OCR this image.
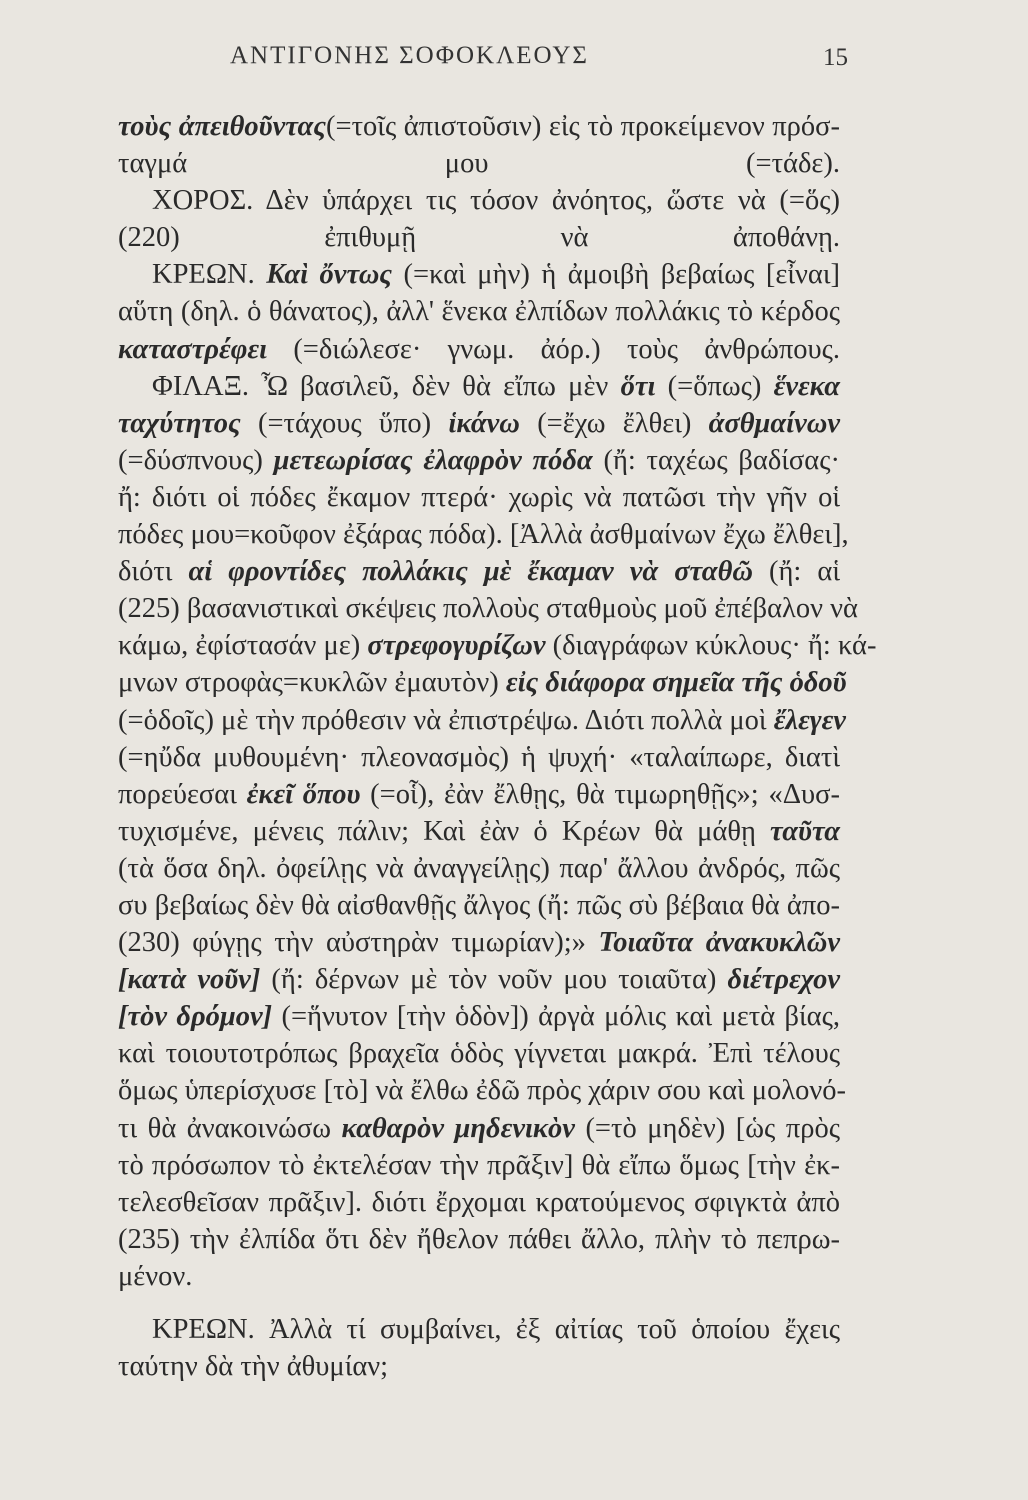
ΑΝΤΙΓΟΝΗΣ ΣΟΦΟΚΛΕΟΥΣ	15
τοὺς ἀπειθοῦντας(=τοῖς ἀπιστοῦσιν) εἰς τὸ προκείμενον πρόσ-
ταγμά μου (=τάδε).
ΧΟΡΟΣ. Δὲν ὑπάρχει τις τόσον ἀνόητος, ὥστε νὰ (=ὅς)
(220) ἐπιθυμῇ νὰ ἀποθάνῃ.
ΚΡΕΩΝ. Καὶ ὄντως (=καὶ μὴν) ἡ ἀμοιβὴ βεβαίως [εἶναι]
αὕτη (δηλ. ὁ θάνατος), ἀλλ' ἕνεκα ἐλπίδων πολλάκις τὸ κέρδος
καταστρέφει (=διώλεσε· γνωμ. ἀόρ.) τοὺς ἀνθρώπους.
ΦΙΛΑΞ. Ὦ βασιλεῦ, δὲν θὰ εἴπω μὲν ὅτι (=ὅπως) ἕνεκα
ταχύτητος (=τάχους ὕπο) ἱκάνω (=ἔχω ἔλθει) ἀσθμαίνων
(=δύσπνους) μετεωρίσας ἐλαφρὸν πόδα (ἤ: ταχέως βαδίσας·
ἤ: διότι οἱ πόδες ἔκαμον πτερά· χωρὶς νὰ πατῶσι τὴν γῆν οἱ
πόδες μου=κοῦφον ἐξάρας πόδα). [Ἀλλὰ ἀσθμαίνων ἔχω ἔλθει],
διότι αἱ φροντίδες πολλάκις μὲ ἔκαμαν νὰ σταθῶ (ἤ: αἱ
(225) βασανιστικαὶ σκέψεις πολλοὺς σταθμοὺς μοῦ ἐπέβαλον νὰ
κάμω, ἐφίστασάν με) στρεφογυρίζων (διαγράφων κύκλους· ἤ: κά-
μνων στροφὰς=κυκλῶν ἐμαυτὸν) εἰς διάφορα σημεῖα τῆς ὁδοῦ
(=ὁδοῖς) μὲ τὴν πρόθεσιν νὰ ἐπιστρέψω. Διότι πολλὰ μοὶ ἔλεγεν
(=ηὔδα μυθουμένη· πλεονασμὸς) ἡ ψυχή· «ταλαίπωρε, διατὶ
πορεύεσαι ἐκεῖ ὅπου (=οἷ), ἐὰν ἔλθῃς, θὰ τιμωρηθῇς»; «Δυσ-
τυχισμένε, μένεις πάλιν; Καὶ ἐὰν ὁ Κρέων θὰ μάθῃ ταῦτα
(τὰ ὅσα δηλ. ὀφείλῃς νὰ ἀναγγείλῃς) παρ' ἄλλου ἀνδρός, πῶς
συ βεβαίως δὲν θὰ αἰσθανθῇς ἄλγος (ἤ: πῶς σὺ βέβαια θὰ ἀπο-
(230) φύγῃς τὴν αὐστηρὰν τιμωρίαν);» Τοιαῦτα ἀνακυκλῶν
[κατὰ νοῦν] (ἤ: δέρνων μὲ τὸν νοῦν μου τοιαῦτα) διέτρεχον
[τὸν δρόμον] (=ἥνυτον [τὴν ὁδὸν]) ἀργὰ μόλις καὶ μετὰ βίας,
καὶ τοιουτοτρόπως βραχεῖα ὁδὸς γίγνεται μακρά. Ἐπὶ τέλους
ὅμως ὑπερίσχυσε [τὸ] νὰ ἔλθω ἐδῶ πρὸς χάριν σου καὶ μολονό-
τι θὰ ἀνακοινώσω καθαρὸν μηδενικὸν (=τὸ μηδὲν) [ὡς πρὸς
τὸ πρόσωπον τὸ ἐκτελέσαν τὴν πρᾶξιν] θὰ εἴπω ὅμως [τὴν ἐκ-
τελεσθεῖσαν πρᾶξιν]. διότι ἔρχομαι κρατούμενος σφιγκτὰ ἀπὸ
(235) τὴν ἐλπίδα ὅτι δὲν ἤθελον πάθει ἄλλο, πλὴν τὸ πεπρω-
μένον.
ΚΡΕΩΝ. Ἀλλὰ τί συμβαίνει, ἐξ αἰτίας τοῦ ὁποίου ἔχεις
ταύτην δὰ τὴν ἀθυμίαν;
